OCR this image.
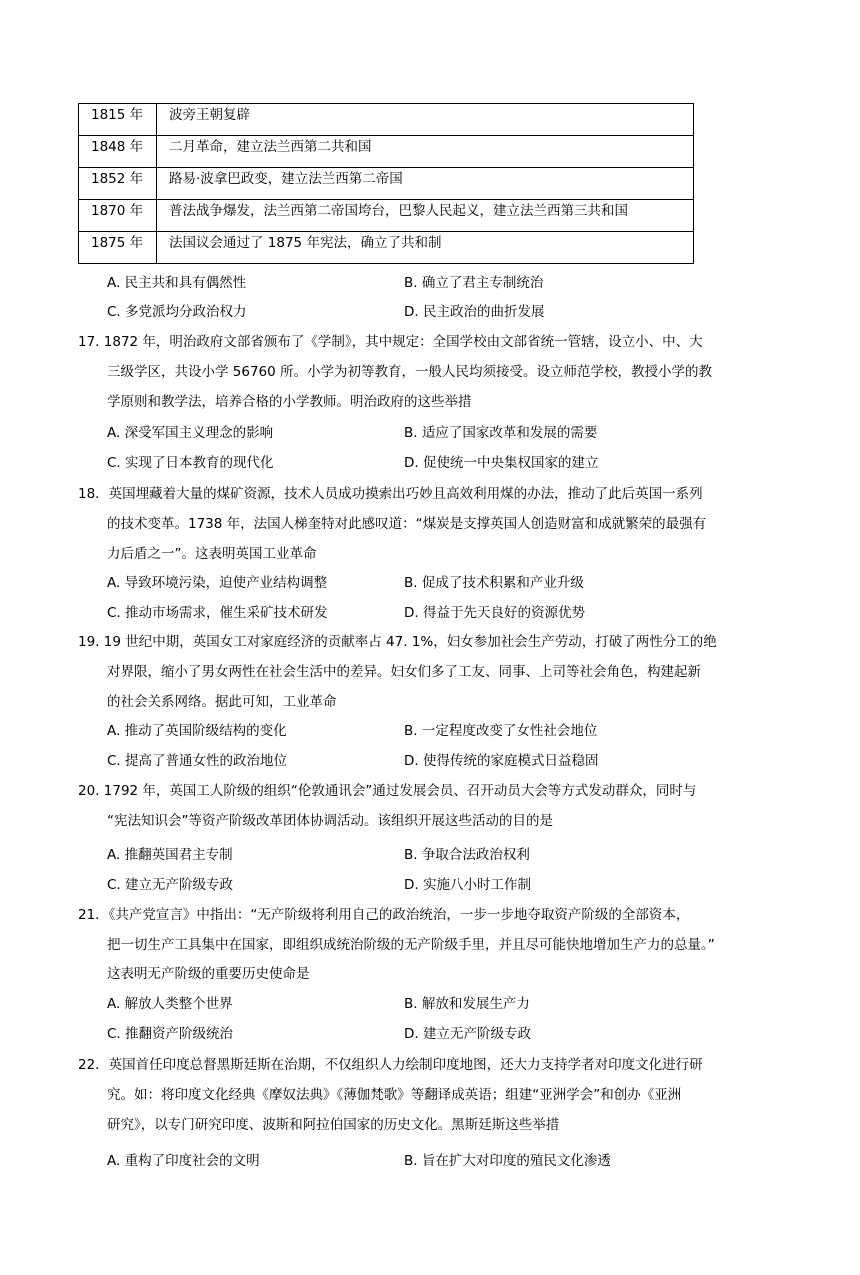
1815 年	波旁王朝复辟
1848 年	二月革命，建立法兰西第二共和国
1852 年	路易·波拿巴政变，建立法兰西第二帝国
1870 年	普法战争爆发，法兰西第二帝国垮台，巴黎人民起义，建立法兰西第三共和国
1875 年	法国议会通过了 1875 年宪法，确立了共和制
A. 民主共和具有偶然性	B. 确立了君主专制统治
C. 多党派均分政治权力	D. 民主政治的曲折发展
17. 1872 年，明治政府文部省颁布了《学制》，其中规定：全国学校由文部省统一管辖，设立小、中、大
三级学区，共设小学 56760 所。小学为初等教育，一般人民均须接受。设立师范学校，教授小学的教
学原则和教学法，培养合格的小学教师。明治政府的这些举措
A. 深受军国主义理念的影响	B. 适应了国家改革和发展的需要
C. 实现了日本教育的现代化	D. 促使统一中央集权国家的建立
18．英国埋藏着大量的煤矿资源，技术人员成功摸索出巧妙且高效利用煤的办法，推动了此后英国一系列
的技术变革。1738 年，法国人梯奎特对此感叹道：“煤炭是支撑英国人创造财富和成就繁荣的最强有
力后盾之一”。这表明英国工业革命
A. 导致环境污染，迫使产业结构调整	B. 促成了技术积累和产业升级
C. 推动市场需求，催生采矿技术研发	D. 得益于先天良好的资源优势
19. 19 世纪中期，英国女工对家庭经济的贡献率占 47. 1%，妇女参加社会生产劳动，打破了两性分工的绝
对界限，缩小了男女两性在社会生活中的差异。妇女们多了工友、同事、上司等社会角色，构建起新
的社会关系网络。据此可知，工业革命
A. 推动了英国阶级结构的变化	B. 一定程度改变了女性社会地位
C. 提高了普通女性的政治地位	D. 使得传统的家庭模式日益稳固
20. 1792 年，英国工人阶级的组织“伦敦通讯会”通过发展会员、召开动员大会等方式发动群众，同时与
“宪法知识会”等资产阶级改革团体协调活动。该组织开展这些活动的目的是
A. 推翻英国君主专制	B. 争取合法政治权利
C. 建立无产阶级专政	D. 实施八小时工作制
21．《共产党宣言》中指出：“无产阶级将利用自己的政治统治，一步一步地夺取资产阶级的全部资本，
把一切生产工具集中在国家，即组织成统治阶级的无产阶级手里，并且尽可能快地增加生产力的总量。”
这表明无产阶级的重要历史使命是
A. 解放人类整个世界	B. 解放和发展生产力
C. 推翻资产阶级统治	D. 建立无产阶级专政
22．英国首任印度总督黑斯廷斯在治期，不仅组织人力绘制印度地图，还大力支持学者对印度文化进行研
究。如：将印度文化经典《摩奴法典》《薄伽梵歌》等翻译成英语；组建“亚洲学会”和创办《亚洲
研究》，以专门研究印度、波斯和阿拉伯国家的历史文化。黑斯廷斯这些举措
A. 重构了印度社会的文明	B. 旨在扩大对印度的殖民文化渗透
